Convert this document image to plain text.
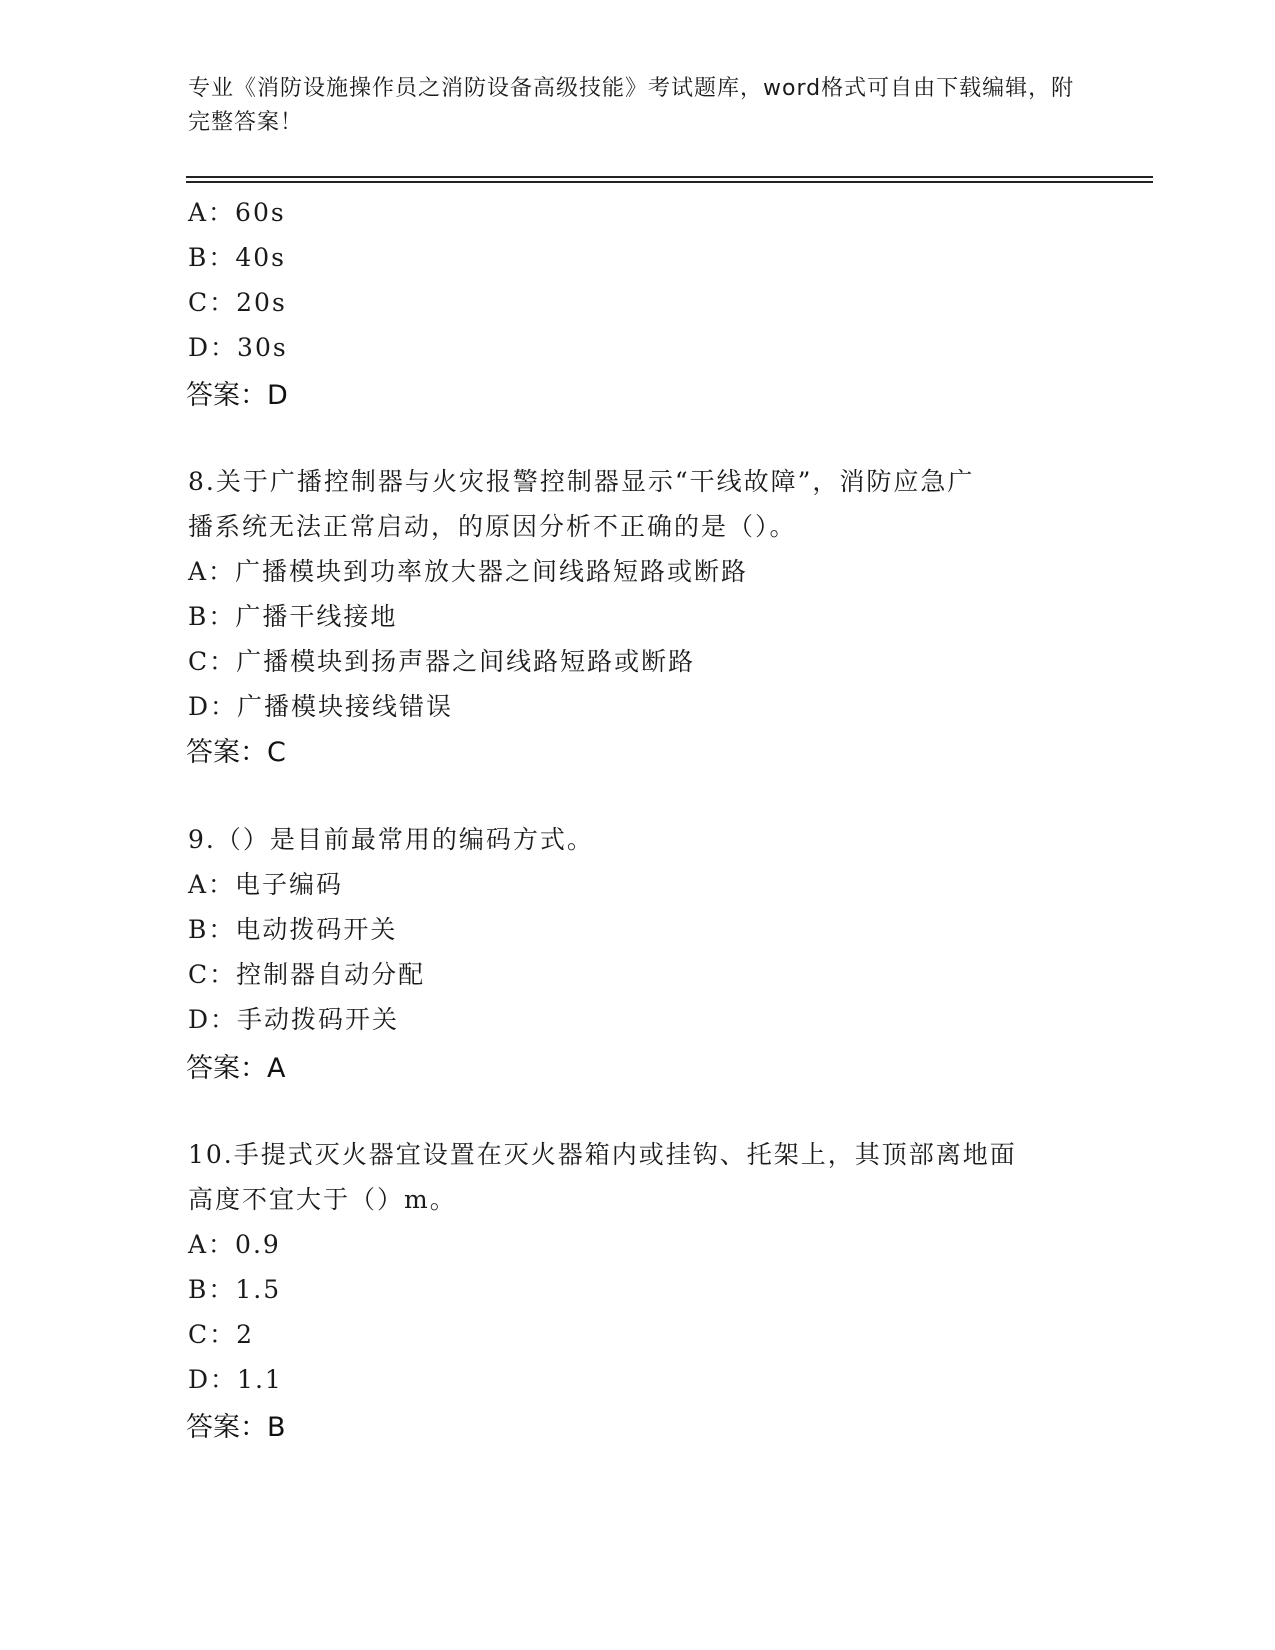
专业《消防设施操作员之消防设备高级技能》考试题库，word格式可自由下载编辑，附完整答案！
A：60s
B：40s
C：20s
D：30s
答案：D
8.关于广播控制器与火灾报警控制器显示“干线故障”，消防应急广
播系统无法正常启动，的原因分析不正确的是（）。
A：广播模块到功率放大器之间线路短路或断路
B：广播干线接地
C：广播模块到扬声器之间线路短路或断路
D：广播模块接线错误
答案：C
9.（）是目前最常用的编码方式。
A：电子编码
B：电动拨码开关
C：控制器自动分配
D：手动拨码开关
答案：A
10.手提式灭火器宜设置在灭火器箱内或挂钩、托架上，其顶部离地面
高度不宜大于（）m。
A：0.9
B：1.5
C：2
D：1.1
答案：B
